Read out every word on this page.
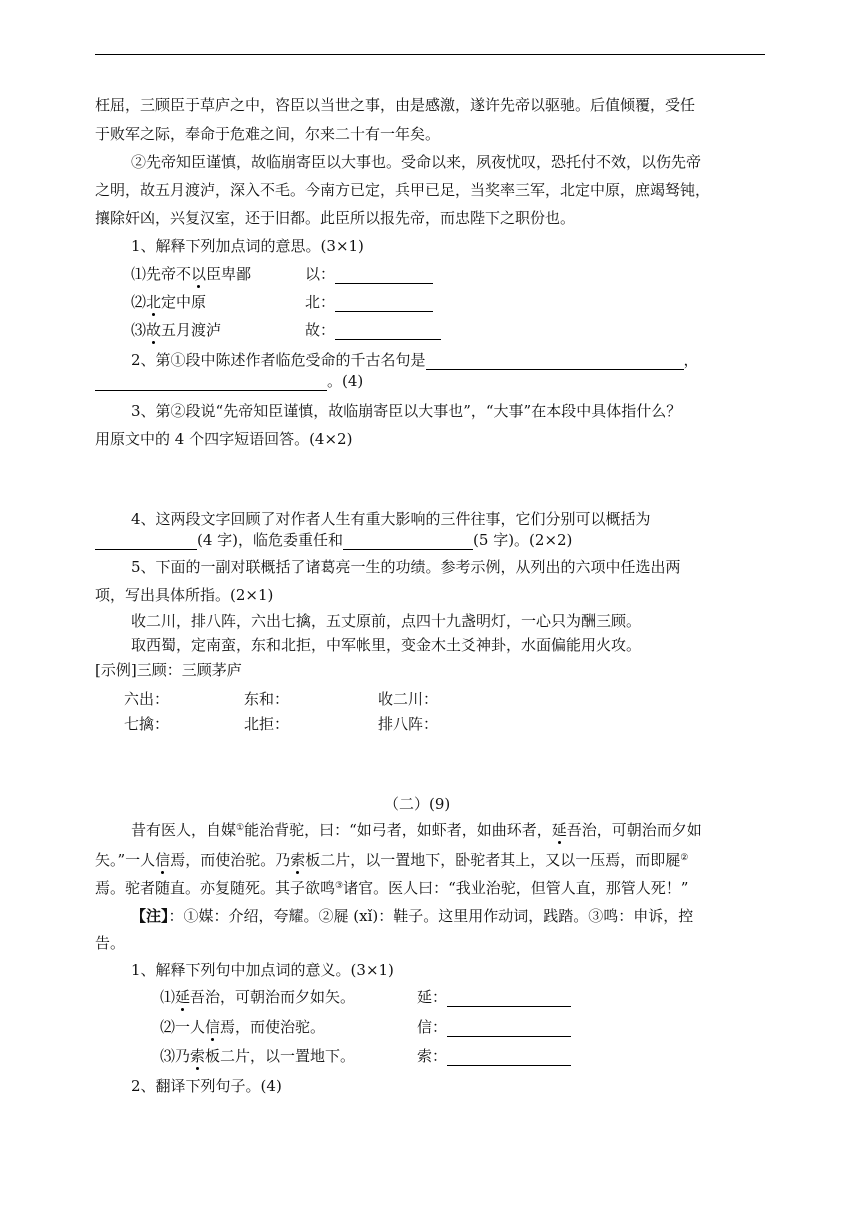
枉屈，三顾臣于草庐之中，咨臣以当世之事，由是感激，遂许先帝以驱驰。后值倾覆，受任
于败军之际，奉命于危难之间，尔来二十有一年矣。
②先帝知臣谨慎，故临崩寄臣以大事也。受命以来，夙夜忧叹，恐托付不效，以伤先帝
之明，故五月渡泸，深入不毛。今南方已定，兵甲已足，当奖率三军，北定中原，庶竭驽钝，
攘除奸凶，兴复汉室，还于旧都。此臣所以报先帝，而忠陛下之职份也。
1、解释下列加点词的意思。(3×1)
⑴先帝不以臣卑鄙	以：
⑵北定中原	北：
⑶故五月渡泸	故：
2、第①段中陈述作者临危受命的千古名句是	，
。(4)
3、第②段说“先帝知臣谨慎，故临崩寄臣以大事也”，“大事”在本段中具体指什么？
用原文中的 4 个四字短语回答。(4×2)
4、这两段文字回顾了对作者人生有重大影响的三件往事，它们分别可以概括为
(4 字)，临危委重任和	(5 字)。(2×2)
5、下面的一副对联概括了诸葛亮一生的功绩。参考示例，从列出的六项中任选出两
项，写出具体所指。(2×1)
收二川，排八阵，六出七擒，五丈原前，点四十九盏明灯，一心只为酬三顾。
取西蜀，定南蛮，东和北拒，中军帐里，变金木土爻神卦，水面偏能用火攻。
[示例]三顾：三顾茅庐
六出：	东和：	收二川：
七擒：	北拒：	排八阵：
（二）(9)
昔有医人，自媒①能治背驼，曰：“如弓者，如虾者，如曲环者，延吾治，可朝治而夕如
矢。”一人信焉，而使治驼。乃索板二片，以一置地下，卧驼者其上，又以一压焉，而即屣②
焉。驼者随直。亦复随死。其子欲鸣③诸官。医人曰：“我业治驼，但管人直，那管人死！”
【注】：①媒：介绍，夸耀。②屣 (xǐ)：鞋子。这里用作动词，践踏。③鸣：申诉，控
告。
1、解释下列句中加点词的意义。(3×1)
⑴延吾治，可朝治而夕如矢。	延：
⑵一人信焉，而使治驼。	信：
⑶乃索板二片，以一置地下。	索：
2、翻译下列句子。(4)
